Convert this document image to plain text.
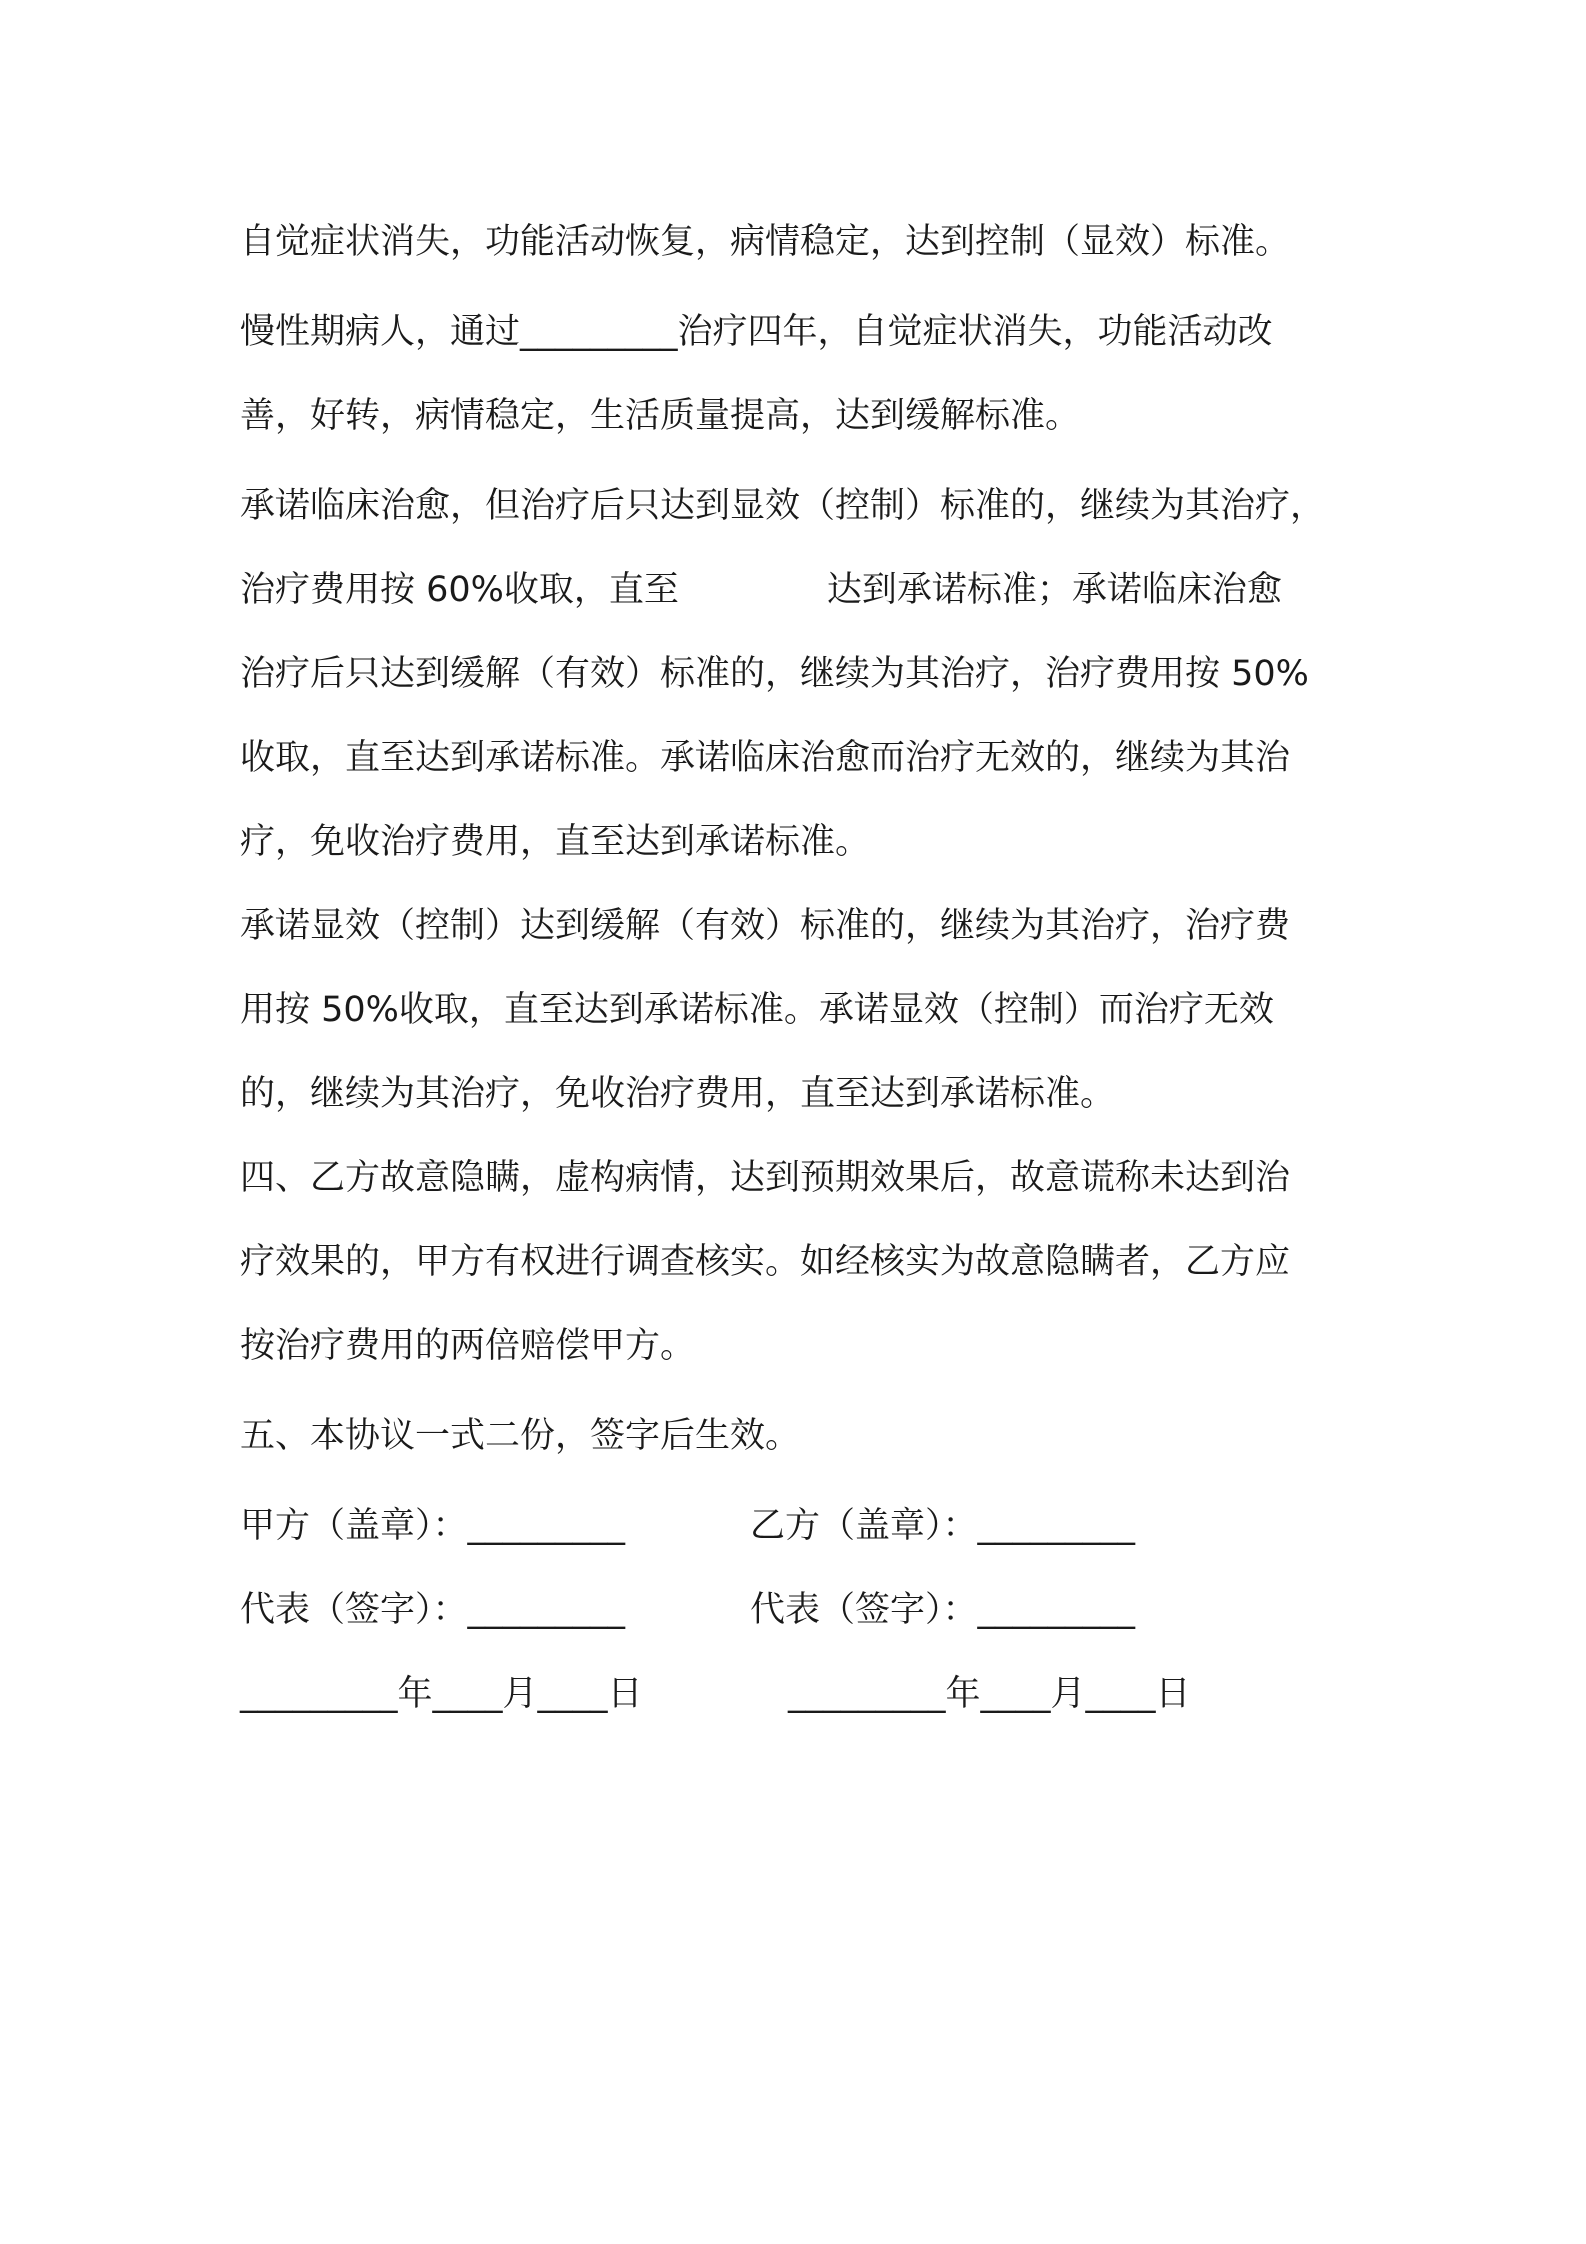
自觉症状消失，功能活动恢复，病情稳定，达到控制（显效）标准。
慢性期病人，通过_________治疗四年，自觉症状消失，功能活动改
善，好转，病情稳定，生活质量提高，达到缓解标准。
承诺临床治愈，但治疗后只达到显效（控制）标准的，继续为其治疗，
治疗费用按 60%收取，直至	达到承诺标准；承诺临床治愈
治疗后只达到缓解（有效）标准的，继续为其治疗，治疗费用按 50%
收取，直至达到承诺标准。承诺临床治愈而治疗无效的，继续为其治
疗，免收治疗费用，直至达到承诺标准。
承诺显效（控制）达到缓解（有效）标准的，继续为其治疗，治疗费
用按 50%收取，直至达到承诺标准。承诺显效（控制）而治疗无效
的，继续为其治疗，免收治疗费用，直至达到承诺标准。
四、乙方故意隐瞒，虚构病情，达到预期效果后，故意谎称未达到治
疗效果的，甲方有权进行调查核实。如经核实为故意隐瞒者，乙方应
按治疗费用的两倍赔偿甲方。
五、本协议一式二份，签字后生效。
甲方（盖章）：_________	乙方（盖章）：_________
代表（签字）：_________	代表（签字）：_________
_________年____月____日	_________年____月____日
